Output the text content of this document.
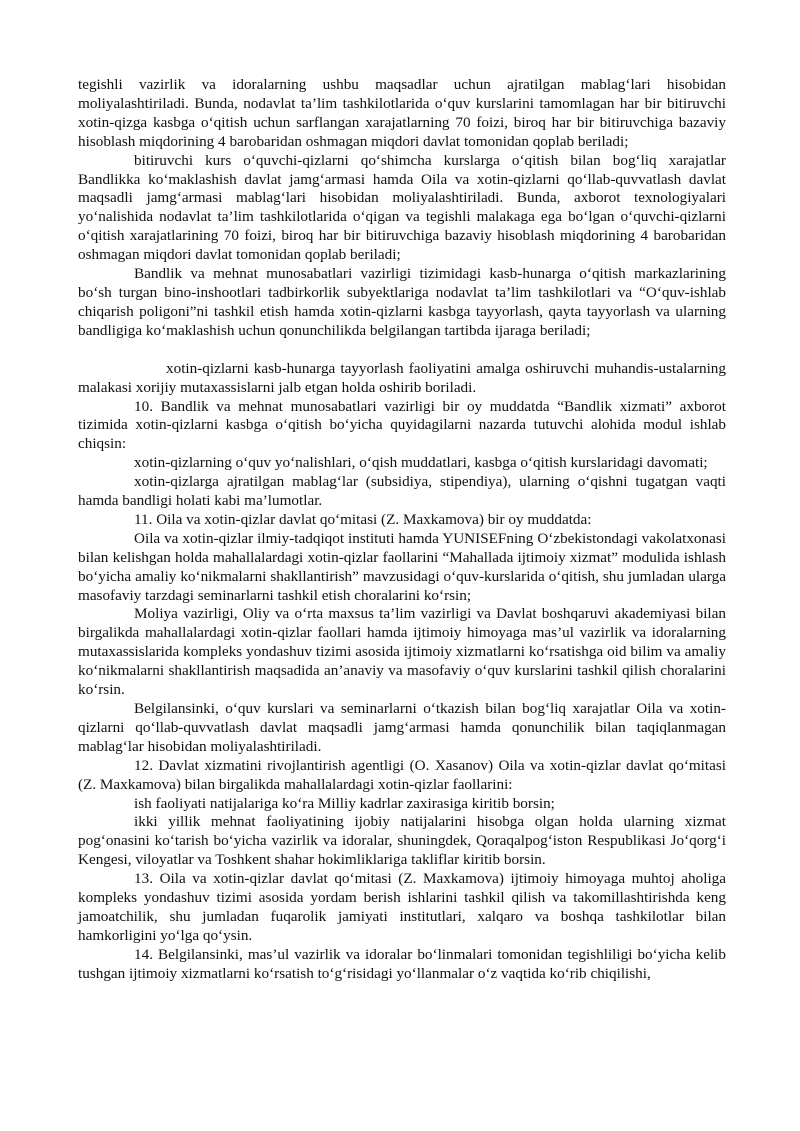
tegishli vazirlik va idoralarning ushbu maqsadlar uchun ajratilgan mablag‘lari hisobidan moliyalashtiriladi. Bunda, nodavlat ta’lim tashkilotlarida o‘quv kurslarini tamomlagan har bir bitiruvchi xotin-qizga kasbga o‘qitish uchun sarflangan xarajatlarning 70 foizi, biroq har bir bitiruvchiga bazaviy hisoblash miqdorining 4 barobaridan oshmagan miqdori davlat tomonidan qoplab beriladi;

bitiruvchi kurs o‘quvchi-qizlarni qo‘shimcha kurslarga o‘qitish bilan bog‘liq xarajatlar Bandlikka ko‘maklashish davlat jamg‘armasi hamda Oila va xotin-qizlarni qo‘llab-quvvatlash davlat maqsadli jamg‘armasi mablag‘lari hisobidan moliyalashtiriladi. Bunda, axborot texnologiyalari yo‘nalishida nodavlat ta’lim tashkilotlarida o‘qigan va tegishli malakaga ega bo‘lgan o‘quvchi-qizlarni o‘qitish xarajatlarining 70 foizi, biroq har bir bitiruvchiga bazaviy hisoblash miqdorining 4 barobaridan oshmagan miqdori davlat tomonidan qoplab beriladi;

Bandlik va mehnat munosabatlari vazirligi tizimidagi kasb-hunarga o‘qitish markazlarining bo‘sh turgan bino-inshootlari tadbirkorlik subyektlariga nodavlat ta’lim tashkilotlari va “O‘quv-ishlab chiqarish poligoni”ni tashkil etish hamda xotin-qizlarni kasbga tayyorlash, qayta tayyorlash va ularning bandligiga ko‘maklashish uchun qonunchilikda belgilangan tartibda ijaraga beriladi;

xotin-qizlarni kasb-hunarga tayyorlash faoliyatini amalga oshiruvchi muhandis-ustalarning malakasi xorijiy mutaxassislarni jalb etgan holda oshirib boriladi.

10. Bandlik va mehnat munosabatlari vazirligi bir oy muddatda “Bandlik xizmati” axborot tizimida xotin-qizlarni kasbga o‘qitish bo‘yicha quyidagilarni nazarda tutuvchi alohida modul ishlab chiqsin:

xotin-qizlarning o‘quv yo‘nalishlari, o‘qish muddatlari, kasbga o‘qitish kurslaridagi davomati;

xotin-qizlarga ajratilgan mablag‘lar (subsidiya, stipendiya), ularning o‘qishni tugatgan vaqti hamda bandligi holati kabi ma’lumotlar.

11. Oila va xotin-qizlar davlat qo‘mitasi (Z. Maxkamova) bir oy muddatda:

Oila va xotin-qizlar ilmiy-tadqiqot instituti hamda YUNISEFning O‘zbekistondagi vakolatxonasi bilan kelishgan holda mahallalardagi xotin-qizlar faollarini “Mahallada ijtimoiy xizmat” modulida ishlash bo‘yicha amaliy ko‘nikmalarni shakllantirish” mavzusidagi o‘quv-kurslarida o‘qitish, shu jumladan ularga masofaviy tarzdagi seminarlarni tashkil etish choralarini ko‘rsin;

Moliya vazirligi, Oliy va o‘rta maxsus ta’lim vazirligi va Davlat boshqaruvi akademiyasi bilan birgalikda mahallalardagi xotin-qizlar faollari hamda ijtimoiy himoyaga mas’ul vazirlik va idoralarning mutaxassislarida kompleks yondashuv tizimi asosida ijtimoiy xizmatlarni ko‘rsatishga oid bilim va amaliy ko‘nikmalarni shakllantirish maqsadida an’anaviy va masofaviy o‘quv kurslarini tashkil qilish choralarini ko‘rsin.

Belgilansinki, o‘quv kurslari va seminarlarni o‘tkazish bilan bog‘liq xarajatlar Oila va xotin-qizlarni qo‘llab-quvvatlash davlat maqsadli jamg‘armasi hamda qonunchilik bilan taqiqlanmagan mablag‘lar hisobidan moliyalashtiriladi.

12. Davlat xizmatini rivojlantirish agentligi (O. Xasanov) Oila va xotin-qizlar davlat qo‘mitasi (Z. Maxkamova) bilan birgalikda mahallalardagi xotin-qizlar faollarini:

ish faoliyati natijalariga ko‘ra Milliy kadrlar zaxirasiga kiritib borsin;

ikki yillik mehnat faoliyatining ijobiy natijalarini hisobga olgan holda ularning xizmat pog‘onasini ko‘tarish bo‘yicha vazirlik va idoralar, shuningdek, Qoraqalpog‘iston Respublikasi Jo‘qorg‘i Kengesi, viloyatlar va Toshkent shahar hokimliklariga takliflar kiritib borsin.

13. Oila va xotin-qizlar davlat qo‘mitasi (Z. Maxkamova) ijtimoiy himoyaga muhtoj aholiga kompleks yondashuv tizimi asosida yordam berish ishlarini tashkil qilish va takomillashtirishda keng jamoatchilik, shu jumladan fuqarolik jamiyati institutlari, xalqaro va boshqa tashkilotlar bilan hamkorligini yo‘lga qo‘ysin.

14. Belgilansinki, mas’ul vazirlik va idoralar bo‘linmalari tomonidan tegishliligi bo‘yicha kelib tushgan ijtimoiy xizmatlarni ko‘rsatish to‘g‘risidagi yo‘llanmalar o‘z vaqtida ko‘rib chiqilishi,
